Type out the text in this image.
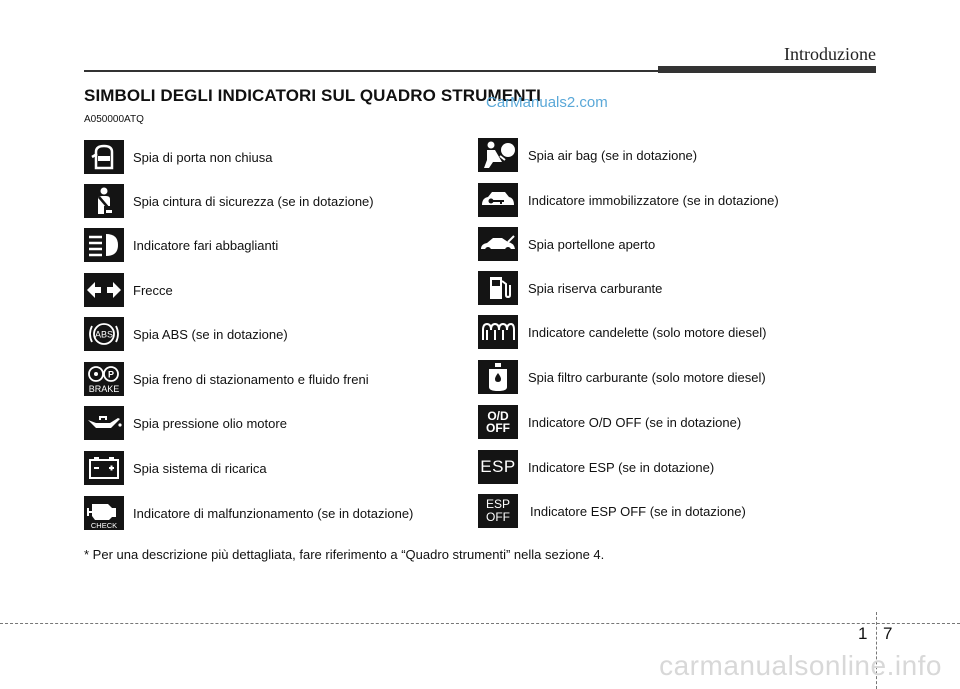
Introduzione
SIMBOLI DEGLI INDICATORI SUL QUADRO STRUMENTI
CarManuals2.com
A050000ATQ
Spia di porta non chiusa
Spia cintura di sicurezza (se in dotazione)
Indicatore fari abbaglianti
Frecce
ABS Spia ABS (se in dotazione)
P
BRAKE
Spia freno di stazionamento e fluido freni
Spia pressione olio motore
Spia sistema di ricarica
CHECK
Indicatore di malfunzionamento (se in dotazione)
Spia air bag (se in dotazione)
Indicatore immobilizzatore (se in dotazione)
Spia portellone aperto
Spia riserva carburante
Indicatore candelette (solo motore diesel)
Spia filtro carburante (solo motore diesel)
O/D
OFF Indicatore O/D OFF (se in dotazione)
ESP Indicatore ESP (se in dotazione)
ESP
OFF Indicatore ESP OFF (se in dotazione)
* Per una descrizione più dettagliata, fare riferimento a “Quadro strumenti” nella sezione 4.
1 7
carmanualsonline.info
